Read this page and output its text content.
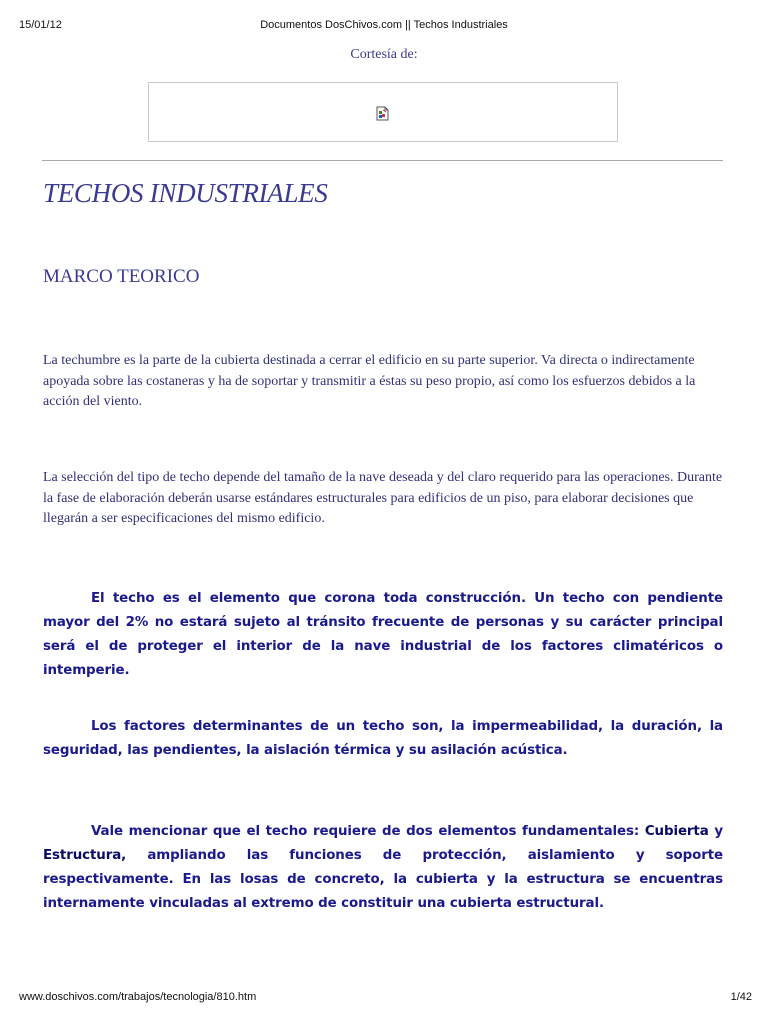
15/01/12	Documentos DosChivos.com || Techos Industriales
Cortesía de:
TECHOS INDUSTRIALES
MARCO TEORICO

La techumbre es la parte de la cubierta destinada a cerrar el edificio en su parte superior. Va directa o indirectamente apoyada sobre las costaneras y ha de soportar y transmitir a éstas su peso propio, así como los esfuerzos debidos a la acción del viento.

La selección del tipo de techo depende del tamaño de la nave deseada y del claro requerido para las operaciones. Durante la fase de elaboración deberán usarse estándares estructurales para edificios de un piso, para elaborar decisiones que llegarán a ser especificaciones del mismo edificio.

El techo es el elemento que corona toda construcción. Un techo con pendiente mayor del 2% no estará sujeto al tránsito frecuente de personas y su carácter principal será el de proteger el interior de la nave industrial de los factores climatéricos o intemperie.

Los factores determinantes de un techo son, la impermeabilidad, la duración, la seguridad, las pendientes, la aislación térmica y su asilación acústica.

Vale mencionar que el techo requiere de dos elementos fundamentales: Cubierta y Estructura, ampliando las funciones de protección, aislamiento y soporte respectivamente. En las losas de concreto, la cubierta y la estructura se encuentras internamente vinculadas al extremo de constituir una cubierta estructural.

www.doschivos.com/trabajos/tecnologia/810.htm	1/42
